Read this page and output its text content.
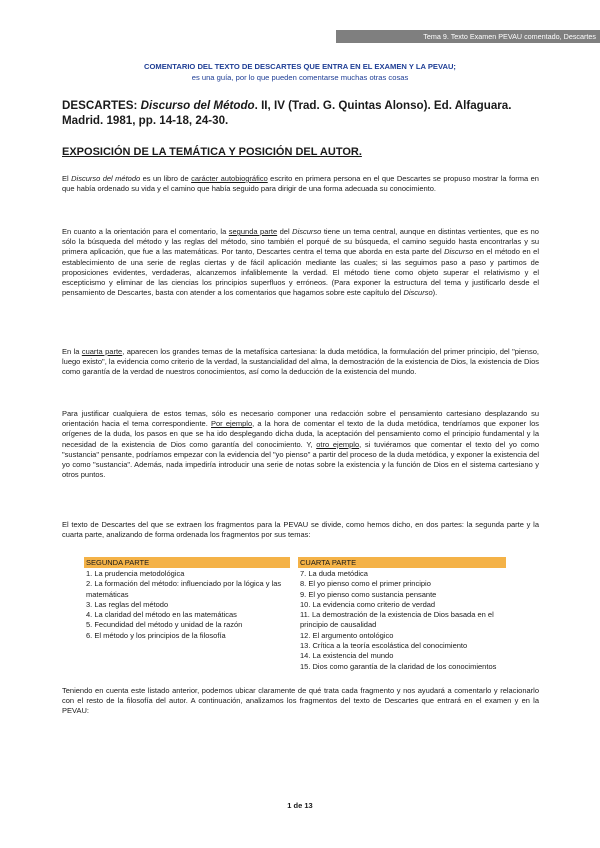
Tema 9. Texto Examen PEVAU comentado, Descartes
COMENTARIO DEL TEXTO DE DESCARTES QUE ENTRA EN EL EXAMEN Y LA PEVAU;
es una guía, por lo que pueden comentarse muchas otras cosas
DESCARTES: Discurso del Método. II, IV (Trad. G. Quintas Alonso). Ed. Alfaguara. Madrid. 1981, pp. 14-18, 24-30.
EXPOSICIÓN DE LA TEMÁTICA Y POSICIÓN DEL AUTOR.
El Discurso del método es un libro de carácter autobiográfico escrito en primera persona en el que Descartes se propuso mostrar la forma en que había ordenado su vida y el camino que había seguido para dirigir de una forma adecuada su conocimiento.
En cuanto a la orientación para el comentario, la segunda parte del Discurso tiene un tema central, aunque en distintas vertientes, que es no sólo la búsqueda del método y las reglas del método, sino también el porqué de su búsqueda, el camino seguido hasta encontrarlas y su primera aplicación, que fue a las matemáticas. Por tanto, Descartes centra el tema que aborda en esta parte del Discurso en el método en el establecimiento de una serie de reglas ciertas y de fácil aplicación mediante las cuales; si las seguimos paso a paso y partimos de proposiciones evidentes, verdaderas, alcanzemos infaliblemente la verdad. El método tiene como objeto superar el relativismo y el escepticismo y eliminar de las ciencias los principios superfluos y erróneos. (Para exponer la estructura del tema y justificarlo desde el pensamiento de Descartes, basta con atender a los comentarios que hagamos sobre este capítulo del Discurso).
En la cuarta parte, aparecen los grandes temas de la metafísica cartesiana: la duda metódica, la formulación del primer principio, del "pienso, luego existo", la evidencia como criterio de la verdad, la sustancialidad del alma, la demostración de la existencia de Dios, la existencia de Dios como garantía de la verdad de nuestros conocimientos, así como la deducción de la existencia del mundo.
Para justificar cualquiera de estos temas, sólo es necesario componer una redacción sobre el pensamiento cartesiano desplazando su orientación hacia el tema correspondiente. Por ejemplo, a la hora de comentar el texto de la duda metódica, tendríamos que exponer los orígenes de la duda, los pasos en que se ha ido desplegando dicha duda, la aceptación del pensamiento como el principio fundamental y la necesidad de la existencia de Dios como garantía del conocimiento. Y, otro ejemplo, si tuviéramos que comentar el texto del yo como "sustancia" pensante, podríamos empezar con la evidencia del "yo pienso" a partir del proceso de la duda metódica, y exponer la existencia del yo como "sustancia". Además, nada impediría introducir una serie de notas sobre la existencia y la función de Dios en el sistema cartesiano y otros puntos.
El texto de Descartes del que se extraen los fragmentos para la PEVAU se divide, como hemos dicho, en dos partes: la segunda parte y la cuarta parte, analizando de forma ordenada los fragmentos por sus temas:
SEGUNDA PARTE
1. La prudencia metodológica
2. La formación del método: influenciado por la lógica y las matemáticas
3. Las reglas del método
4. La claridad del método en las matemáticas
5. Fecundidad del método y unidad de la razón
6. El método y los principios de la filosofía
CUARTA PARTE
7. La duda metódica
8. El yo pienso como el primer principio
9. El yo pienso como sustancia pensante
10. La evidencia como criterio de verdad
11. La demostración de la existencia de Dios basada en el principio de causalidad
12. El argumento ontológico
13. Crítica a la teoría escolástica del conocimiento
14. La existencia del mundo
15. Dios como garantía de la claridad de los conocimientos
Teniendo en cuenta este listado anterior, podemos ubicar claramente de qué trata cada fragmento y nos ayudará a comentarlo y relacionarlo con el resto de la filosofía del autor. A continuación, analizamos los fragmentos del texto de Descartes que entrará en el examen y en la PEVAU:
1 de 13
